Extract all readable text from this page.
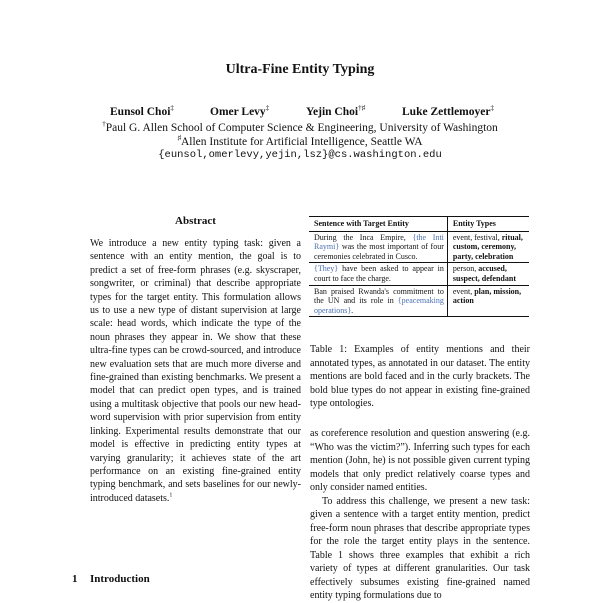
Ultra-Fine Entity Typing
Eunsol Choi‡	Omer Levy‡	Yejin Choi†♯	Luke Zettlemoyer‡
†Paul G. Allen School of Computer Science & Engineering, University of Washington
♯Allen Institute for Artificial Intelligence, Seattle WA
{eunsol,omerlevy,yejin,lsz}@cs.washington.edu
Abstract
We introduce a new entity typing task: given a sentence with an entity mention, the goal is to predict a set of free-form phrases (e.g. skyscraper, songwriter, or criminal) that describe appropriate types for the target entity. This formulation allows us to use a new type of distant supervision at large scale: head words, which indicate the type of the noun phrases they appear in. We show that these ultra-fine types can be crowd-sourced, and introduce new evaluation sets that are much more diverse and fine-grained than existing benchmarks. We present a model that can predict open types, and is trained using a multitask objective that pools our new head-word supervision with prior supervision from entity linking. Experimental results demonstrate that our model is effective in predicting entity types at varying granularity; it achieves state of the art performance on an existing fine-grained entity typing benchmark, and sets baselines for our newly-introduced datasets.$^1$
1 Introduction
Sentence with Target Entity	Entity Types
During the Inca Empire, {the Inti Raymi} was the most important of four ceremonies celebrated in Cusco.	event, festival, ritual, custom, ceremony, party, celebration
{They} have been asked to appear in court to face the charge.	person, accused, suspect, defendant
Ban praised Rwanda's commitment to the UN and its role in {peacemaking operations}.	event, plan, mission, action
Table 1: Examples of entity mentions and their annotated types, as annotated in our dataset. The entity mentions are bold faced and in the curly brackets. The bold blue types do not appear in existing fine-grained type ontologies.

as coreference resolution and question answering (e.g. “Who was the victim?”). Inferring such types for each mention (John, he) is not possible given current typing models that only predict relatively coarse types and only consider named entities.

To address this challenge, we present a new task: given a sentence with a target entity mention, predict free-form noun phrases that describe appropriate types for the role the target entity plays in the sentence. Table 1 shows three examples that exhibit a rich variety of types at different granularities. Our task effectively subsumes existing fine-grained named entity typing formulations due to
